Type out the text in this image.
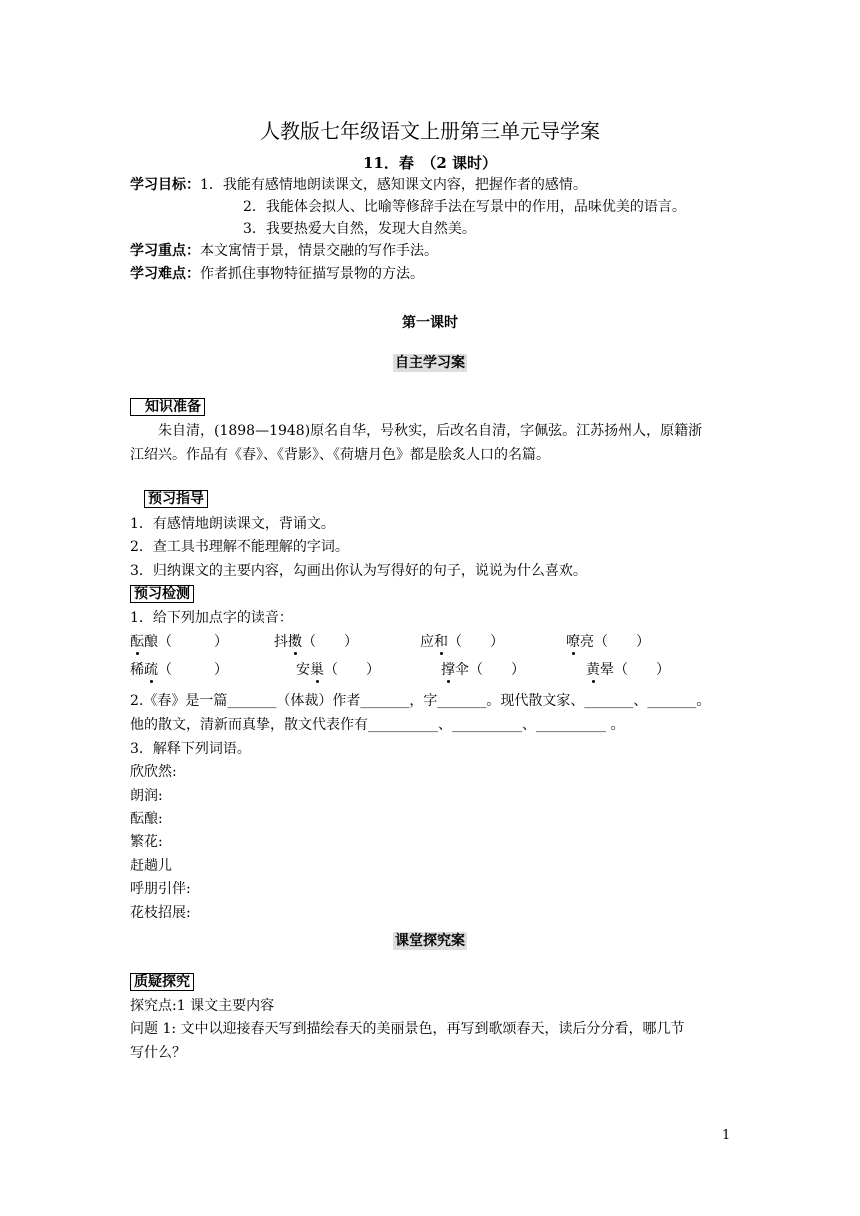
人教版七年级语文上册第三单元导学案
11．春　（2 课时）
学习目标：1．我能有感情地朗读课文，感知课文内容，把握作者的感情。
2．我能体会拟人、比喻等修辞手法在写景中的作用，品味优美的语言。
3．我要热爱大自然，发现大自然美。
学习重点：本文寓情于景，情景交融的写作手法。
学习难点：作者抓住事物特征描写景物的方法。
第一课时
自主学习案
知识准备
朱自清，(1898—1948)原名自华，号秋实，后改名自清，字佩弦。江苏扬州人，原籍浙
江绍兴。作品有《春》、《背影》、《荷塘月色》都是脍炙人口的名篇。
预习指导
1．有感情地朗读课文，背诵文。
2．查工具书理解不能理解的字词。
3．归纳课文的主要内容，勾画出你认为写得好的句子，说说为什么喜欢。
预习检测
1．给下列加点字的读音：
酝酿（　　　）	抖擞（　　）	应和（　　）	嘹亮（　　）
稀疏（　　　）	安巢（　　）	撑伞（　　）	黄晕（　　）
2.《春》是一篇_______（体裁）作者_______，字_______。现代散文家、_______、_______。
他的散文，清新而真挚，散文代表作有__________、__________、__________ 。
3．解释下列词语。
欣欣然:
朗润:
酝酿:
繁花:
赶趟儿
呼朋引伴:
花枝招展:
课堂探究案
质疑探究
探究点:1 课文主要内容
问题 1: 文中以迎接春天写到描绘春天的美丽景色，再写到歌颂春天，读后分分看，哪几节
写什么？
1
